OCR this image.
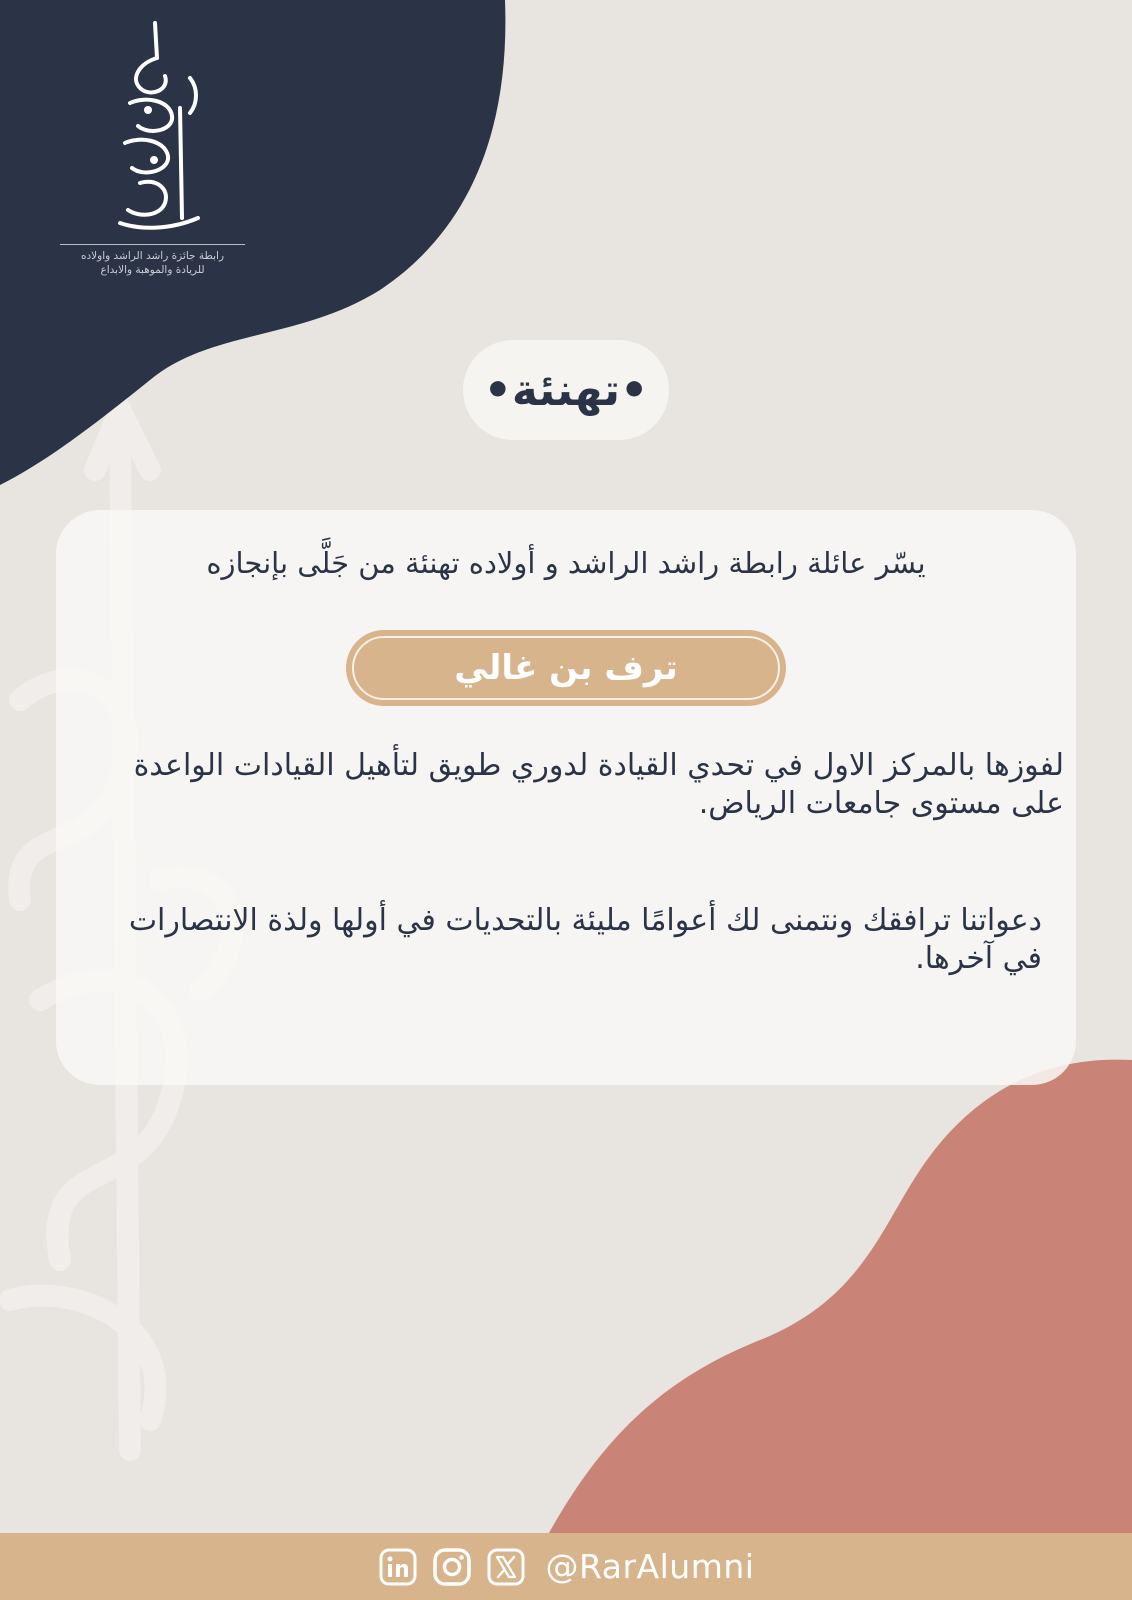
رابطة جائزة راشد الراشد واولاده
للريادة والموهبة والابداع
•تهنئة•
يسّر عائلة رابطة راشد الراشد و أولاده تهنئة من جَلَّى بإنجازه
ترف بن غالي
لفوزها بالمركز الاول في تحدي القيادة لدوري طويق لتأهيل القيادات الواعدة على مستوى جامعات الرياض.
دعواتنا ترافقك ونتمنى لك أعوامًا مليئة بالتحديات في أولها ولذة الانتصارات في آخرها.
@RarAlumni
